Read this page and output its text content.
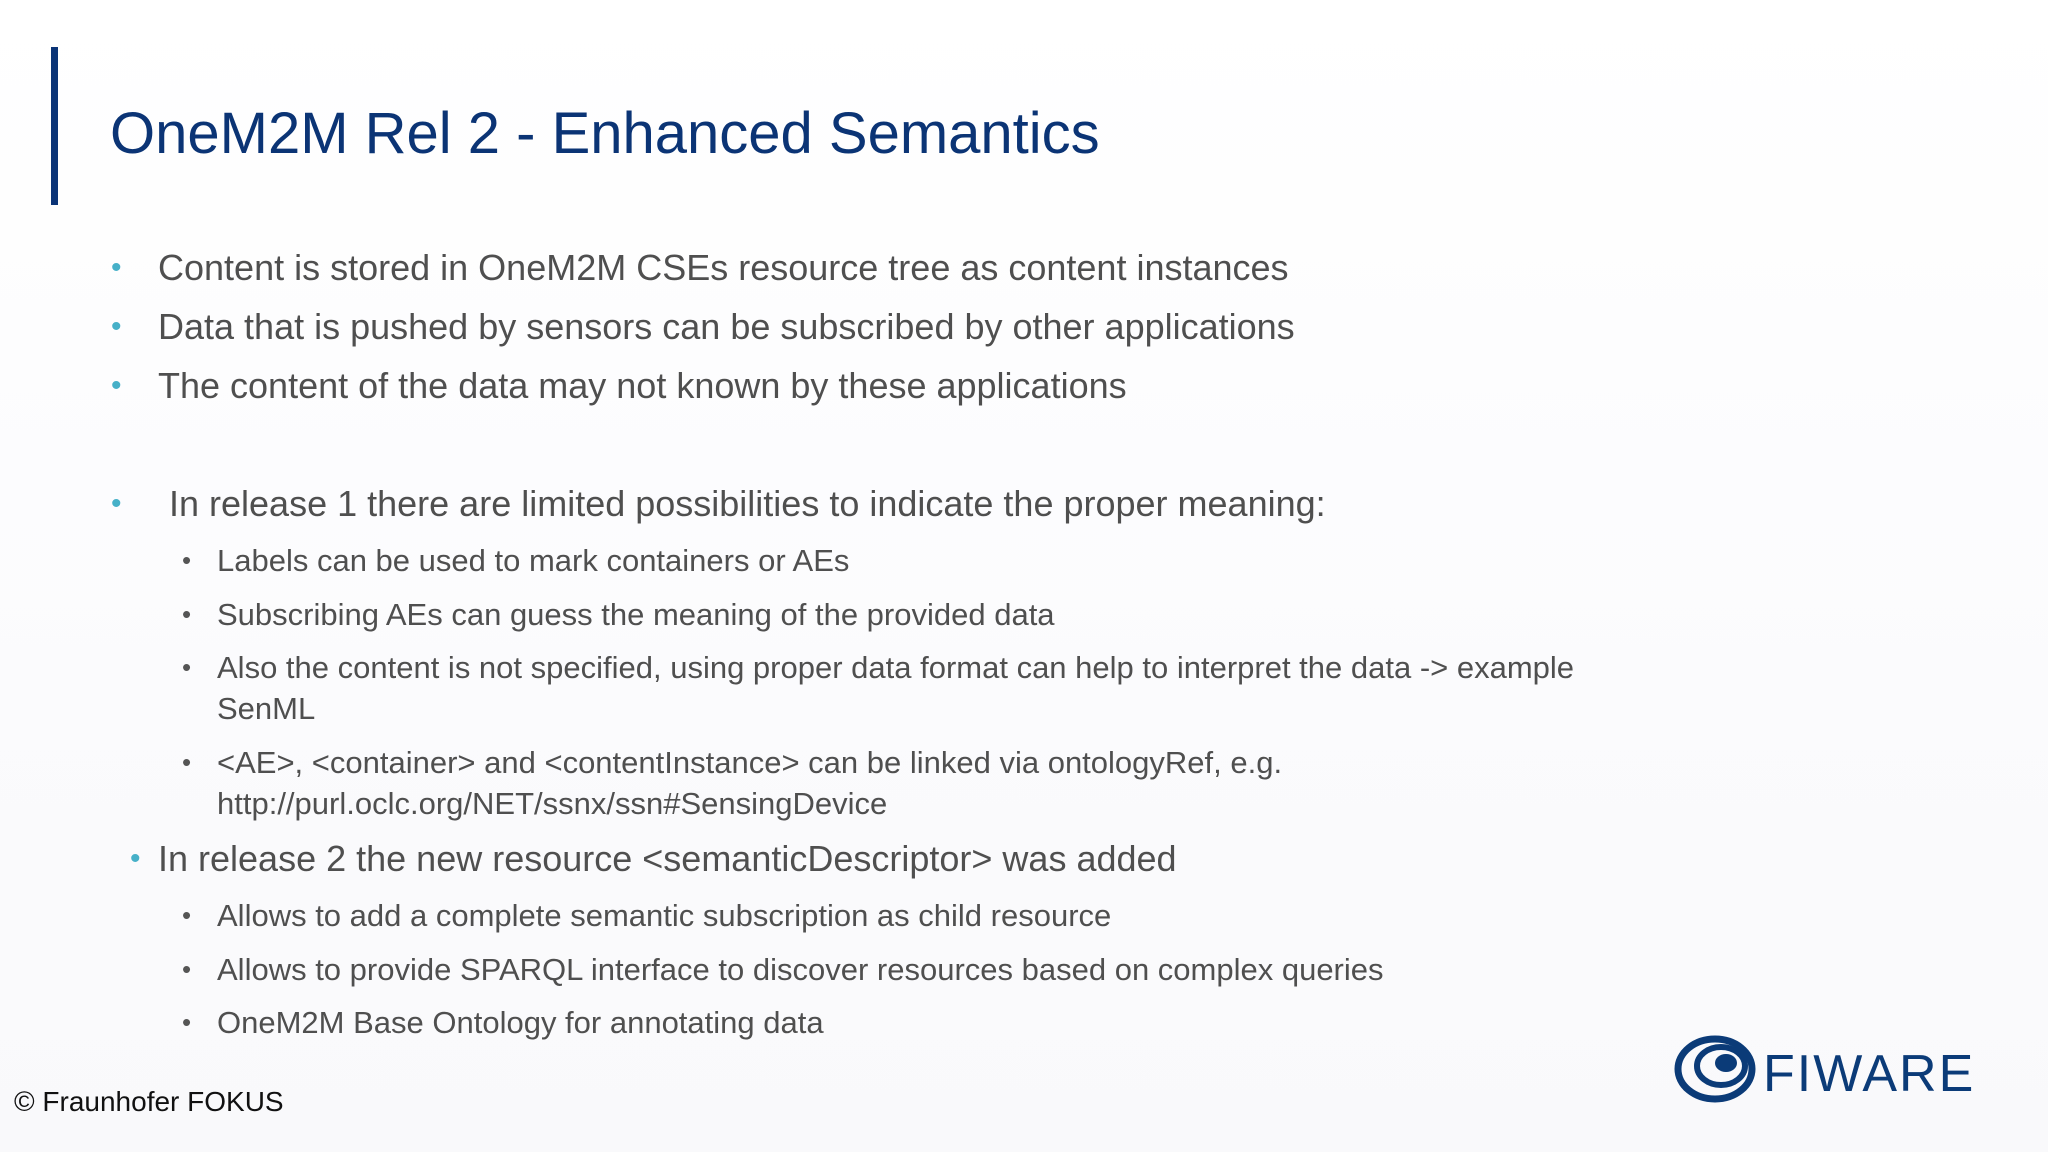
OneM2M Rel 2 - Enhanced Semantics
• Content is stored in OneM2M CSEs resource tree as content instances
• Data that is pushed by sensors can be subscribed by other applications
• The content of the data may not known by these applications
• In release 1 there are limited possibilities to indicate the proper meaning:
• Labels can be used to mark containers or AEs
• Subscribing AEs can guess the meaning of the provided data
• Also the content is not specified, using proper data format can help to interpret the data -> example
SenML
• <AE>, <container> and <contentInstance> can be linked via ontologyRef, e.g.
http://purl.oclc.org/NET/ssnx/ssn#SensingDevice
• In release 2 the new resource <semanticDescriptor> was added
• Allows to add a complete semantic subscription as child resource
• Allows to provide SPARQL interface to discover resources based on complex queries
• OneM2M Base Ontology for annotating data
© Fraunhofer FOKUS	FIWARE
